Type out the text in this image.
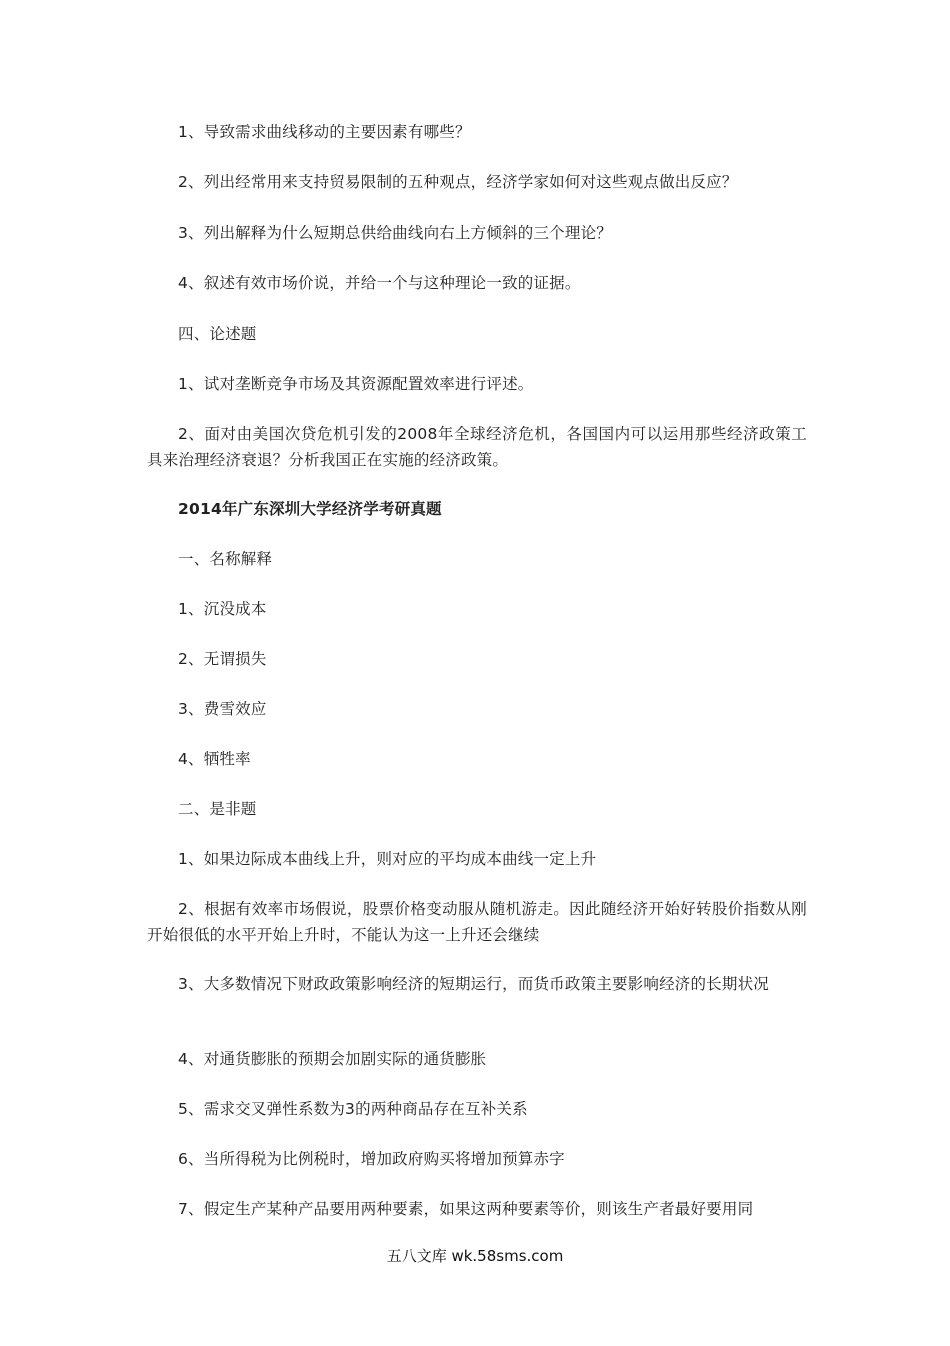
1、导致需求曲线移动的主要因素有哪些？

2、列出经常用来支持贸易限制的五种观点，经济学家如何对这些观点做出反应？

3、列出解释为什么短期总供给曲线向右上方倾斜的三个理论？

4、叙述有效市场价说，并给一个与这种理论一致的证据。

四、论述题

1、试对垄断竞争市场及其资源配置效率进行评述。

2、面对由美国次贷危机引发的2008年全球经济危机，各国国内可以运用那些经济政策工具来治理经济衰退？分析我国正在实施的经济政策。

2014年广东深圳大学经济学考研真题

一、名称解释

1、沉没成本

2、无谓损失

3、费雪效应

4、牺牲率

二、是非题

1、如果边际成本曲线上升，则对应的平均成本曲线一定上升

2、根据有效率市场假说，股票价格变动服从随机游走。因此随经济开始好转股价指数从刚开始很低的水平开始上升时，不能认为这一上升还会继续

3、大多数情况下财政政策影响经济的短期运行，而货币政策主要影响经济的长期状况

4、对通货膨胀的预期会加剧实际的通货膨胀

5、需求交叉弹性系数为3的两种商品存在互补关系

6、当所得税为比例税时，增加政府购买将增加预算赤字

7、假定生产某种产品要用两种要素，如果这两种要素等价，则该生产者最好要用同

五八文库 wk.58sms.com
